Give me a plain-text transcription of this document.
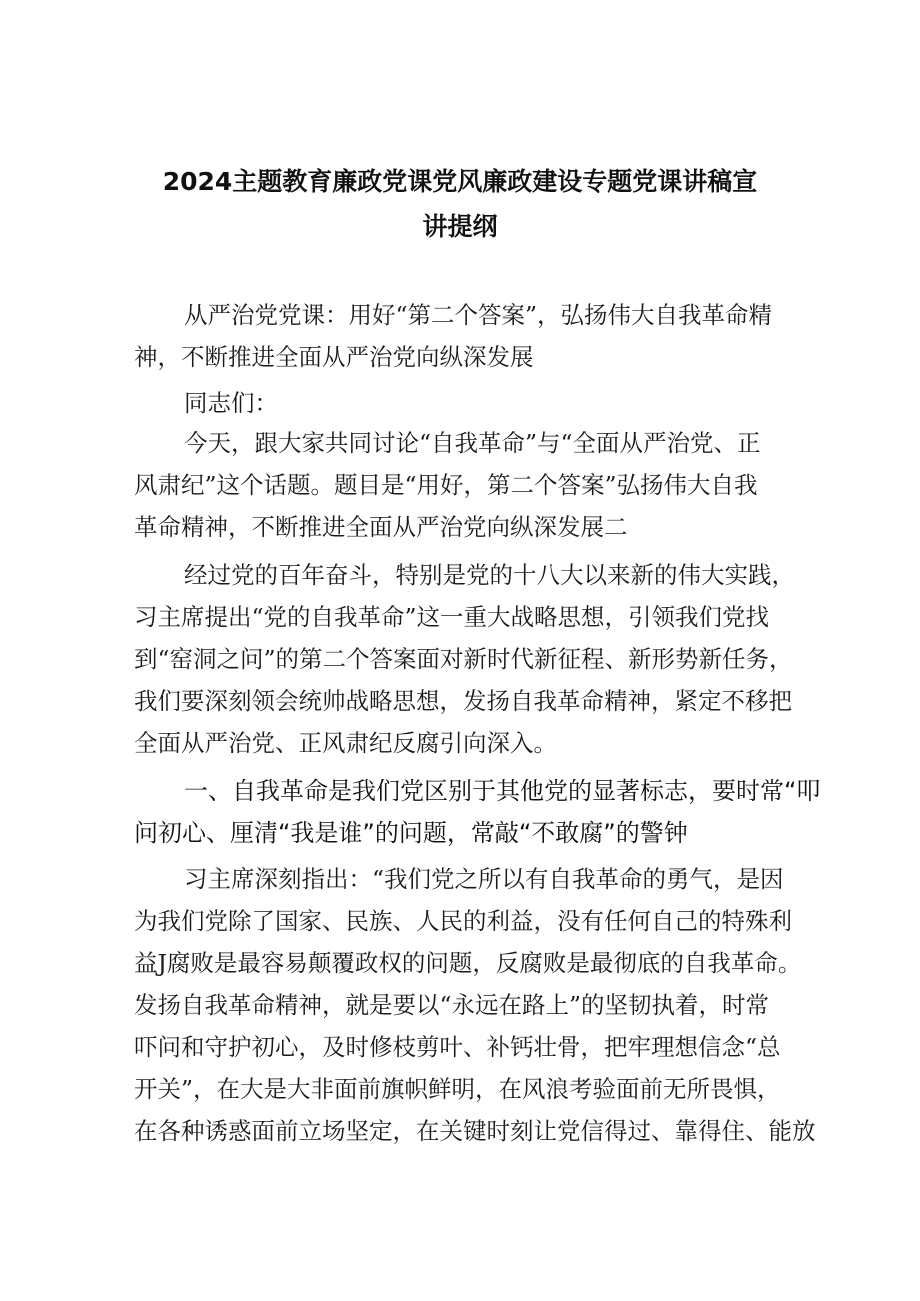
2024主题教育廉政党课党风廉政建设专题党课讲稿宣
讲提纲
从严治党党课：用好“第二个答案”，弘扬伟大自我革命精
神，不断推进全面从严治党向纵深发展
同志们：
今天，跟大家共同讨论“自我革命”与“全面从严治党、正
风肃纪”这个话题。题目是“用好，第二个答案”弘扬伟大自我
革命精神，不断推进全面从严治党向纵深发展二
经过党的百年奋斗，特别是党的十八大以来新的伟大实践，
习主席提出“党的自我革命”这一重大战略思想，引领我们党找
到“窑洞之问”的第二个答案面对新时代新征程、新形势新任务，
我们要深刻领会统帅战略思想，发扬自我革命精神，紧定不移把
全面从严治党、正风肃纪反腐引向深入。
一、自我革命是我们党区别于其他党的显著标志，要时常“叩
问初心、厘清“我是谁”的问题，常敲“不敢腐”的警钟
习主席深刻指出：“我们党之所以有自我革命的勇气，是因
为我们党除了国家、民族、人民的利益，没有任何自己的特殊利
益J腐败是最容易颠覆政权的问题，反腐败是最彻底的自我革命。
发扬自我革命精神，就是要以“永远在路上”的坚韧执着，时常
吓问和守护初心，及时修枝剪叶、补钙壮骨，把牢理想信念“总
开关”，在大是大非面前旗帜鲜明，在风浪考验面前无所畏惧，
在各种诱惑面前立场坚定，在关键时刻让党信得过、靠得住、能放
